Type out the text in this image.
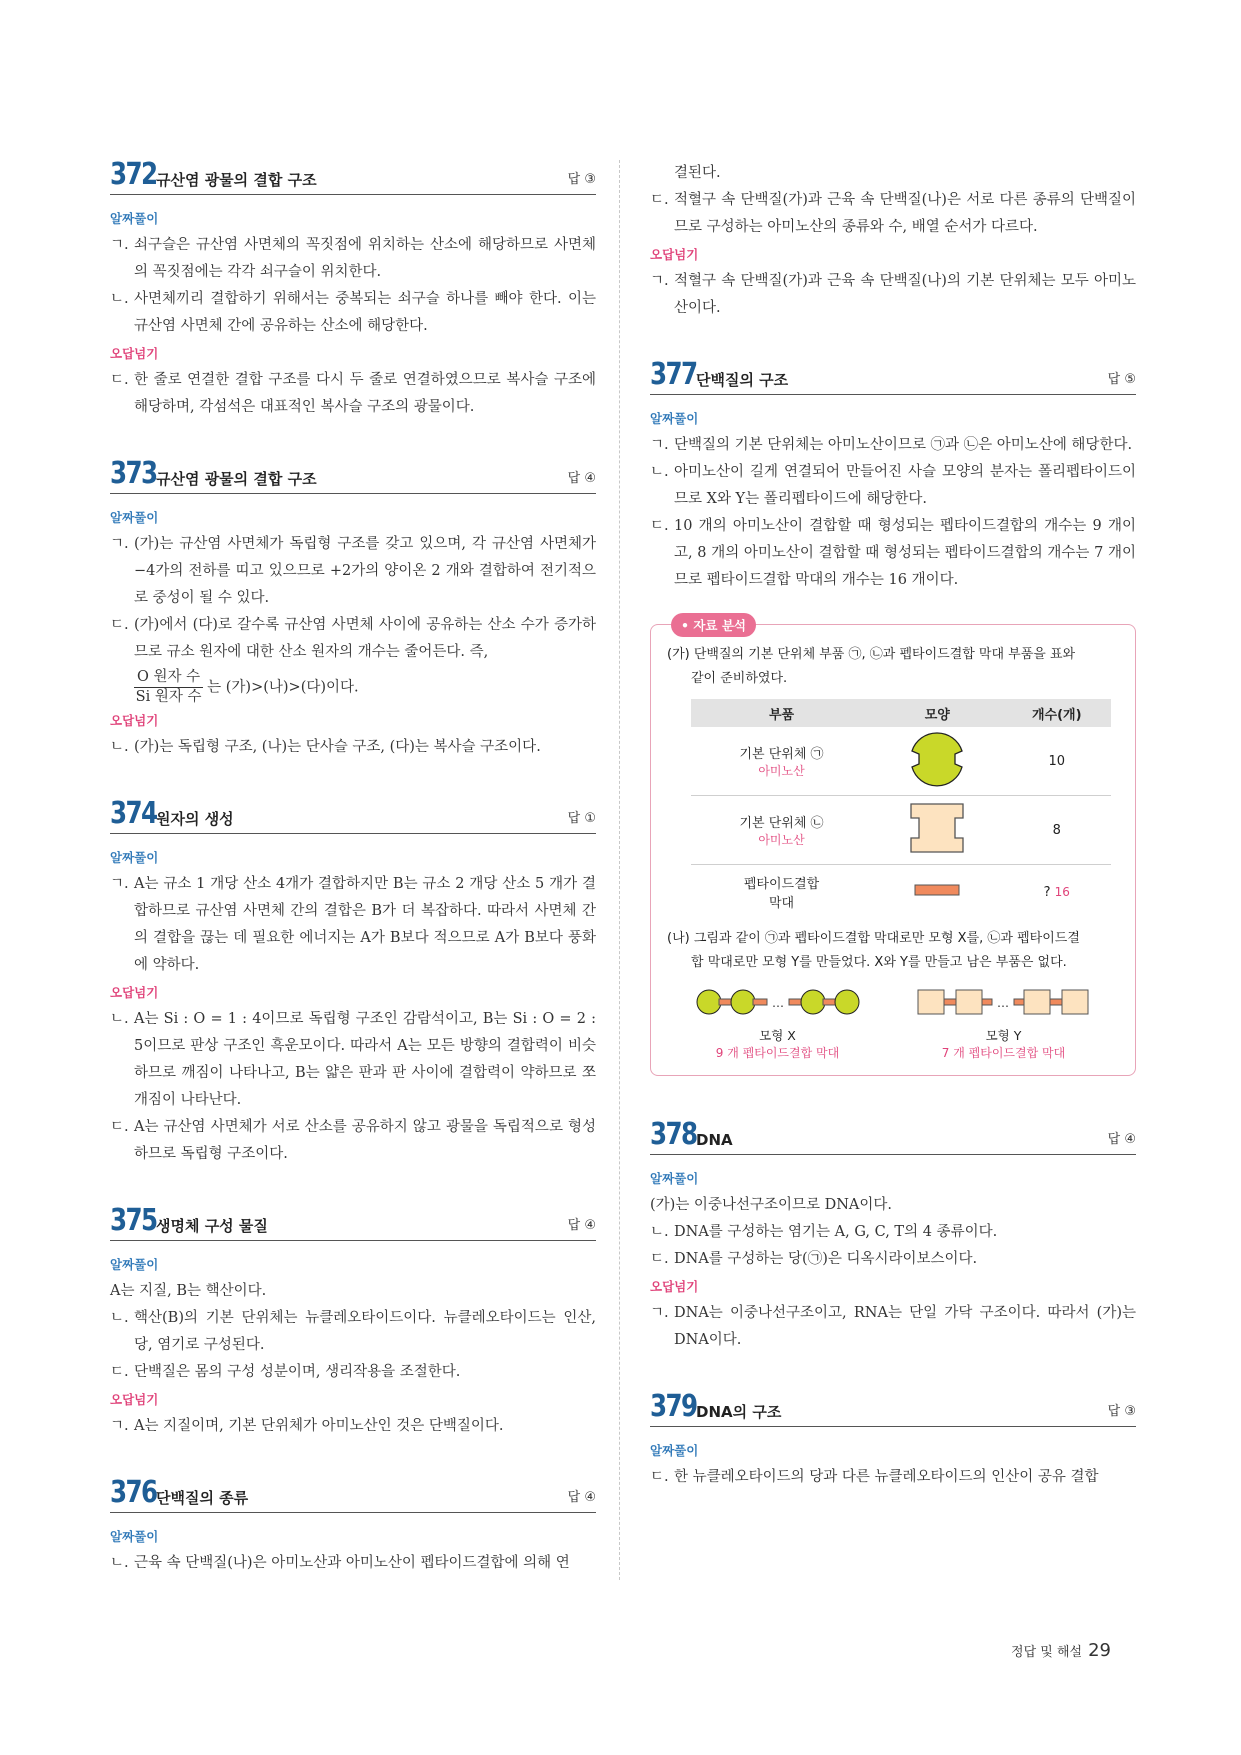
372 규산염 광물의 결합 구조	답 ③
알짜풀이
ㄱ. 쇠구슬은 규산염 사면체의 꼭짓점에 위치하는 산소에 해당하므로 사면체의 꼭짓점에는 각각 쇠구슬이 위치한다.
ㄴ. 사면체끼리 결합하기 위해서는 중복되는 쇠구슬 하나를 빼야 한다. 이는 규산염 사면체 간에 공유하는 산소에 해당한다.
오답넘기
ㄷ. 한 줄로 연결한 결합 구조를 다시 두 줄로 연결하였으므로 복사슬 구조에 해당하며, 각섬석은 대표적인 복사슬 구조의 광물이다.
373 규산염 광물의 결합 구조	답 ④
알짜풀이
ㄱ. (가)는 규산염 사면체가 독립형 구조를 갖고 있으며, 각 규산염 사면체가 −4가의 전하를 띠고 있으므로 +2가의 양이온 2 개와 결합하여 전기적으로 중성이 될 수 있다.
ㄷ. (가)에서 (다)로 갈수록 규산염 사면체 사이에 공유하는 산소 수가 증가하므로 규소 원자에 대한 산소 원자의 개수는 줄어든다. 즉,
$\frac{\text{O 원자 수}}{\text{Si 원자 수}}$ 는 (가)>(나)>(다)이다.
오답넘기
ㄴ. (가)는 독립형 구조, (나)는 단사슬 구조, (다)는 복사슬 구조이다.
374 원자의 생성	답 ①
알짜풀이
ㄱ. A는 규소 1 개당 산소 4개가 결합하지만 B는 규소 2 개당 산소 5 개가 결합하므로 규산염 사면체 간의 결합은 B가 더 복잡하다. 따라서 사면체 간의 결합을 끊는 데 필요한 에너지는 A가 B보다 적으므로 A가 B보다 풍화에 약하다.
오답넘기
ㄴ. A는 Si : O = 1 : 4이므로 독립형 구조인 감람석이고, B는 Si : O = 2 : 5이므로 판상 구조인 흑운모이다. 따라서 A는 모든 방향의 결합력이 비슷하므로 깨짐이 나타나고, B는 얇은 판과 판 사이에 결합력이 약하므로 쪼개짐이 나타난다.
ㄷ. A는 규산염 사면체가 서로 산소를 공유하지 않고 광물을 독립적으로 형성하므로 독립형 구조이다.
375 생명체 구성 물질	답 ④
알짜풀이
A는 지질, B는 핵산이다.
ㄴ. 핵산(B)의 기본 단위체는 뉴클레오타이드이다. 뉴클레오타이드는 인산, 당, 염기로 구성된다.
ㄷ. 단백질은 몸의 구성 성분이며, 생리작용을 조절한다.
오답넘기
ㄱ. A는 지질이며, 기본 단위체가 아미노산인 것은 단백질이다.
376 단백질의 종류	답 ④
알짜풀이
ㄴ. 근육 속 단백질(나)은 아미노산과 아미노산이 펩타이드결합에 의해 연
결된다.
ㄷ. 적혈구 속 단백질(가)과 근육 속 단백질(나)은 서로 다른 종류의 단백질이므로 구성하는 아미노산의 종류와 수, 배열 순서가 다르다.
오답넘기
ㄱ. 적혈구 속 단백질(가)과 근육 속 단백질(나)의 기본 단위체는 모두 아미노산이다.
377 단백질의 구조	답 ⑤
알짜풀이
ㄱ. 단백질의 기본 단위체는 아미노산이므로 ㉠과 ㉡은 아미노산에 해당한다.
ㄴ. 아미노산이 길게 연결되어 만들어진 사슬 모양의 분자는 폴리펩타이드이므로 X와 Y는 폴리펩타이드에 해당한다.
ㄷ. 10 개의 아미노산이 결합할 때 형성되는 펩타이드결합의 개수는 9 개이고, 8 개의 아미노산이 결합할 때 형성되는 펩타이드결합의 개수는 7 개이므로 펩타이드결합 막대의 개수는 16 개이다.
• 자료 분석

(가) 단백질의 기본 단위체 부품 ㉠, ㉡과 펩타이드결합 막대 부품을 표와

같이 준비하였다.

부품	모양	개수(개)

기본 단위체 ㉠
아미노산		10

기본 단위체 ㉡
아미노산		8

펩타이드결합
막대		? 16

(나) 그림과 같이 ㉠과 펩타이드결합 막대로만 모형 X를, ㉡과 펩타이드결

합 막대로만 모형 Y를 만들었다. X와 Y를 만들고 남은 부품은 없다.

…
모형 X
9 개 펩타이드결합 막대
…
모형 Y
7 개 펩타이드결합 막대
378 DNA	답 ④
알짜풀이
(가)는 이중나선구조이므로 DNA이다.
ㄴ. DNA를 구성하는 염기는 A, G, C, T의 4 종류이다.
ㄷ. DNA를 구성하는 당(㉠)은 디옥시라이보스이다.
오답넘기
ㄱ. DNA는 이중나선구조이고, RNA는 단일 가닥 구조이다. 따라서 (가)는 DNA이다.
379 DNA의 구조	답 ③
알짜풀이
ㄷ. 한 뉴클레오타이드의 당과 다른 뉴클레오타이드의 인산이 공유 결합
정답 및 해설 29
